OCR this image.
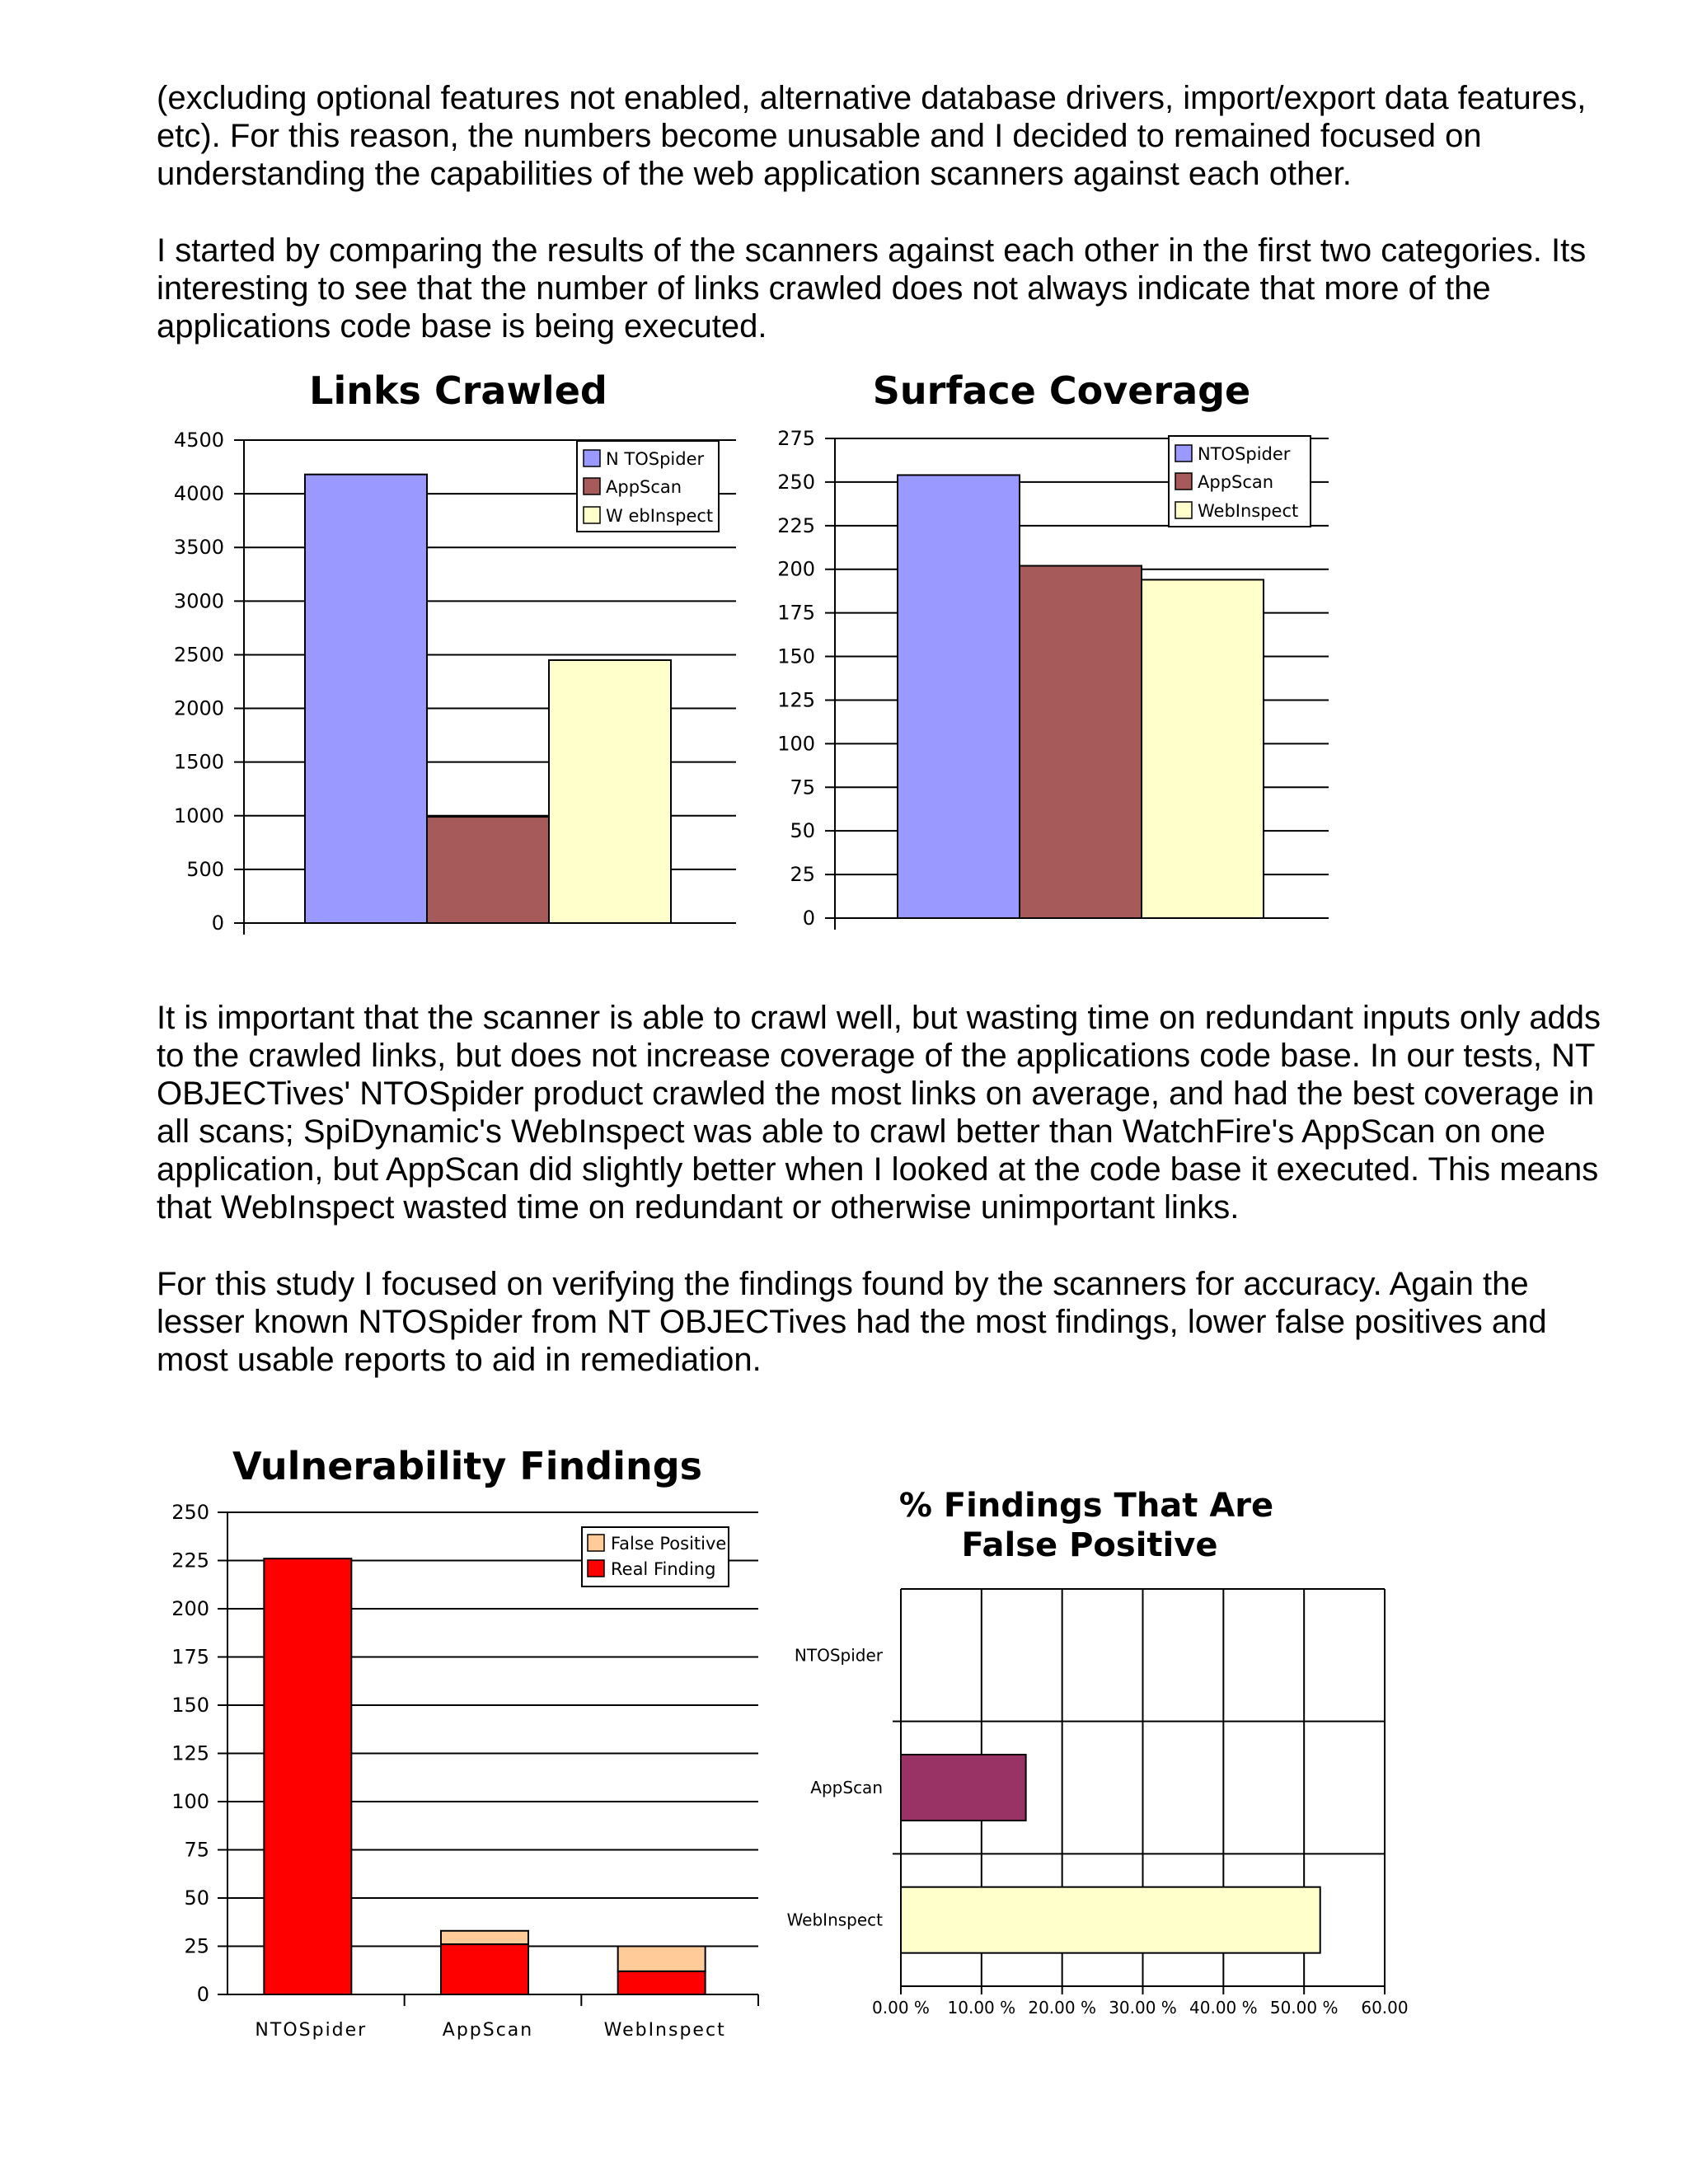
(excluding optional features not enabled, alternative database drivers, import/export data features, etc). For this reason, the numbers become unusable and I decided to remained focused on understanding the capabilities of the web application scanners against each other.

I started by comparing the results of the scanners against each other in the first two categories. Its interesting to see that the number of links crawled does not always indicate that more of the applications code base is being executed.

It is important that the scanner is able to crawl well, but wasting time on redundant inputs only adds to the crawled links, but does not increase coverage of the applications code base. In our tests, NT OBJECTives' NTOSpider product crawled the most links on average, and had the best coverage in all scans; SpiDynamic's WebInspect was able to crawl better than WatchFire's AppScan on one application, but AppScan did slightly better when I looked at the code base it executed. This means that WebInspect wasted time on redundant or otherwise unimportant links.

For this study I focused on verifying the findings found by the scanners for accuracy. Again the lesser known NTOSpider from NT OBJECTives had the most findings, lower false positives and most usable reports to aid in remediation.

Links Crawled
0
500
1000
1500
2000
2500
3000
3500
4000
4500
N TOSpider
AppScan
W ebInspect
Surface Coverage
0
25
50
75
100
125
150
175
200
225
250
275
NTOSpider
AppScan
WebInspect
Vulnerability Findings
0
25
50
75
100
125
150
175
200
225
250
NTOSpider	AppScan	WebInspect
False Positive
Real Finding
% Findings That Are
False Positive
0.00 % 10.00 % 20.00 % 30.00 % 40.00 % 50.00 % 60.00
NTOSpider
AppScan
WebInspect
